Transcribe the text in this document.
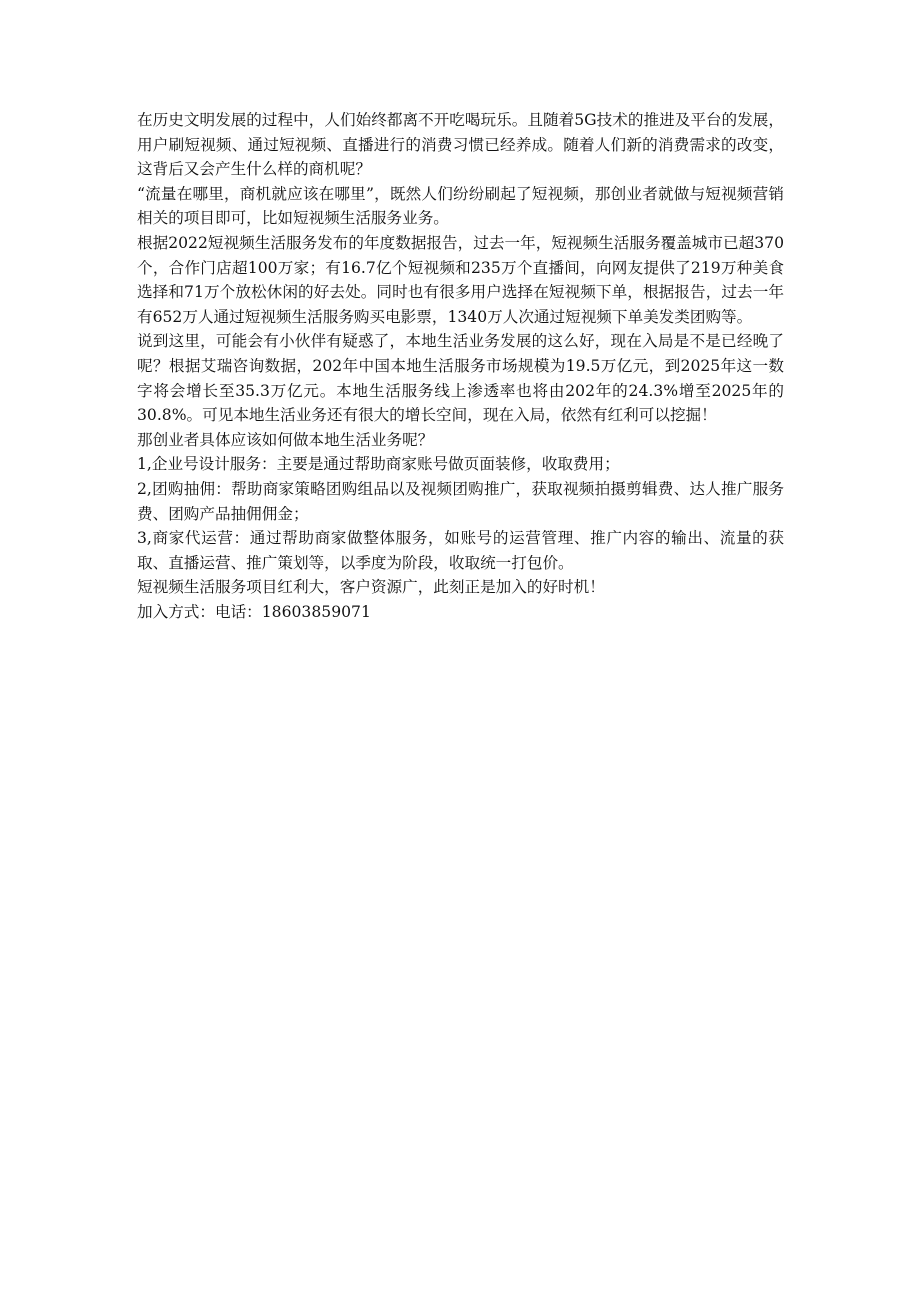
在历史文明发展的过程中，人们始终都离不开吃喝玩乐。且随着5G技术的推进及平台的发展，用户刷短视频、通过短视频、直播进行的消费习惯已经养成。随着人们新的消费需求的改变，这背后又会产生什么样的商机呢？

“流量在哪里，商机就应该在哪里”，既然人们纷纷刷起了短视频，那创业者就做与短视频营销相关的项目即可，比如短视频生活服务业务。

根据2022短视频生活服务发布的年度数据报告，过去一年，短视频生活服务覆盖城市已超370个，合作门店超100万家；有16.7亿个短视频和235万个直播间，向网友提供了219万种美食选择和71万个放松休闲的好去处。同时也有很多用户选择在短视频下单，根据报告，过去一年有652万人通过短视频生活服务购买电影票，1340万人次通过短视频下单美发类团购等。

说到这里，可能会有小伙伴有疑惑了，本地生活业务发展的这么好，现在入局是不是已经晚了呢？根据艾瑞咨询数据，202年中国本地生活服务市场规模为19.5万亿元，到2025年这一数字将会增长至35.3万亿元。本地生活服务线上渗透率也将由202年的24.3%增至2025年的30.8%。可见本地生活业务还有很大的增长空间，现在入局，依然有红利可以挖掘！

那创业者具体应该如何做本地生活业务呢？

1,企业号设计服务：主要是通过帮助商家账号做页面装修，收取费用；

2,团购抽佣：帮助商家策略团购组品以及视频团购推广，获取视频拍摄剪辑费、达人推广服务费、团购产品抽佣佣金；

3,商家代运营：通过帮助商家做整体服务，如账号的运营管理、推广内容的输出、流量的获取、直播运营、推广策划等，以季度为阶段，收取统一打包价。

短视频生活服务项目红利大，客户资源广，此刻正是加入的好时机！

加入方式：电话：18603859071
